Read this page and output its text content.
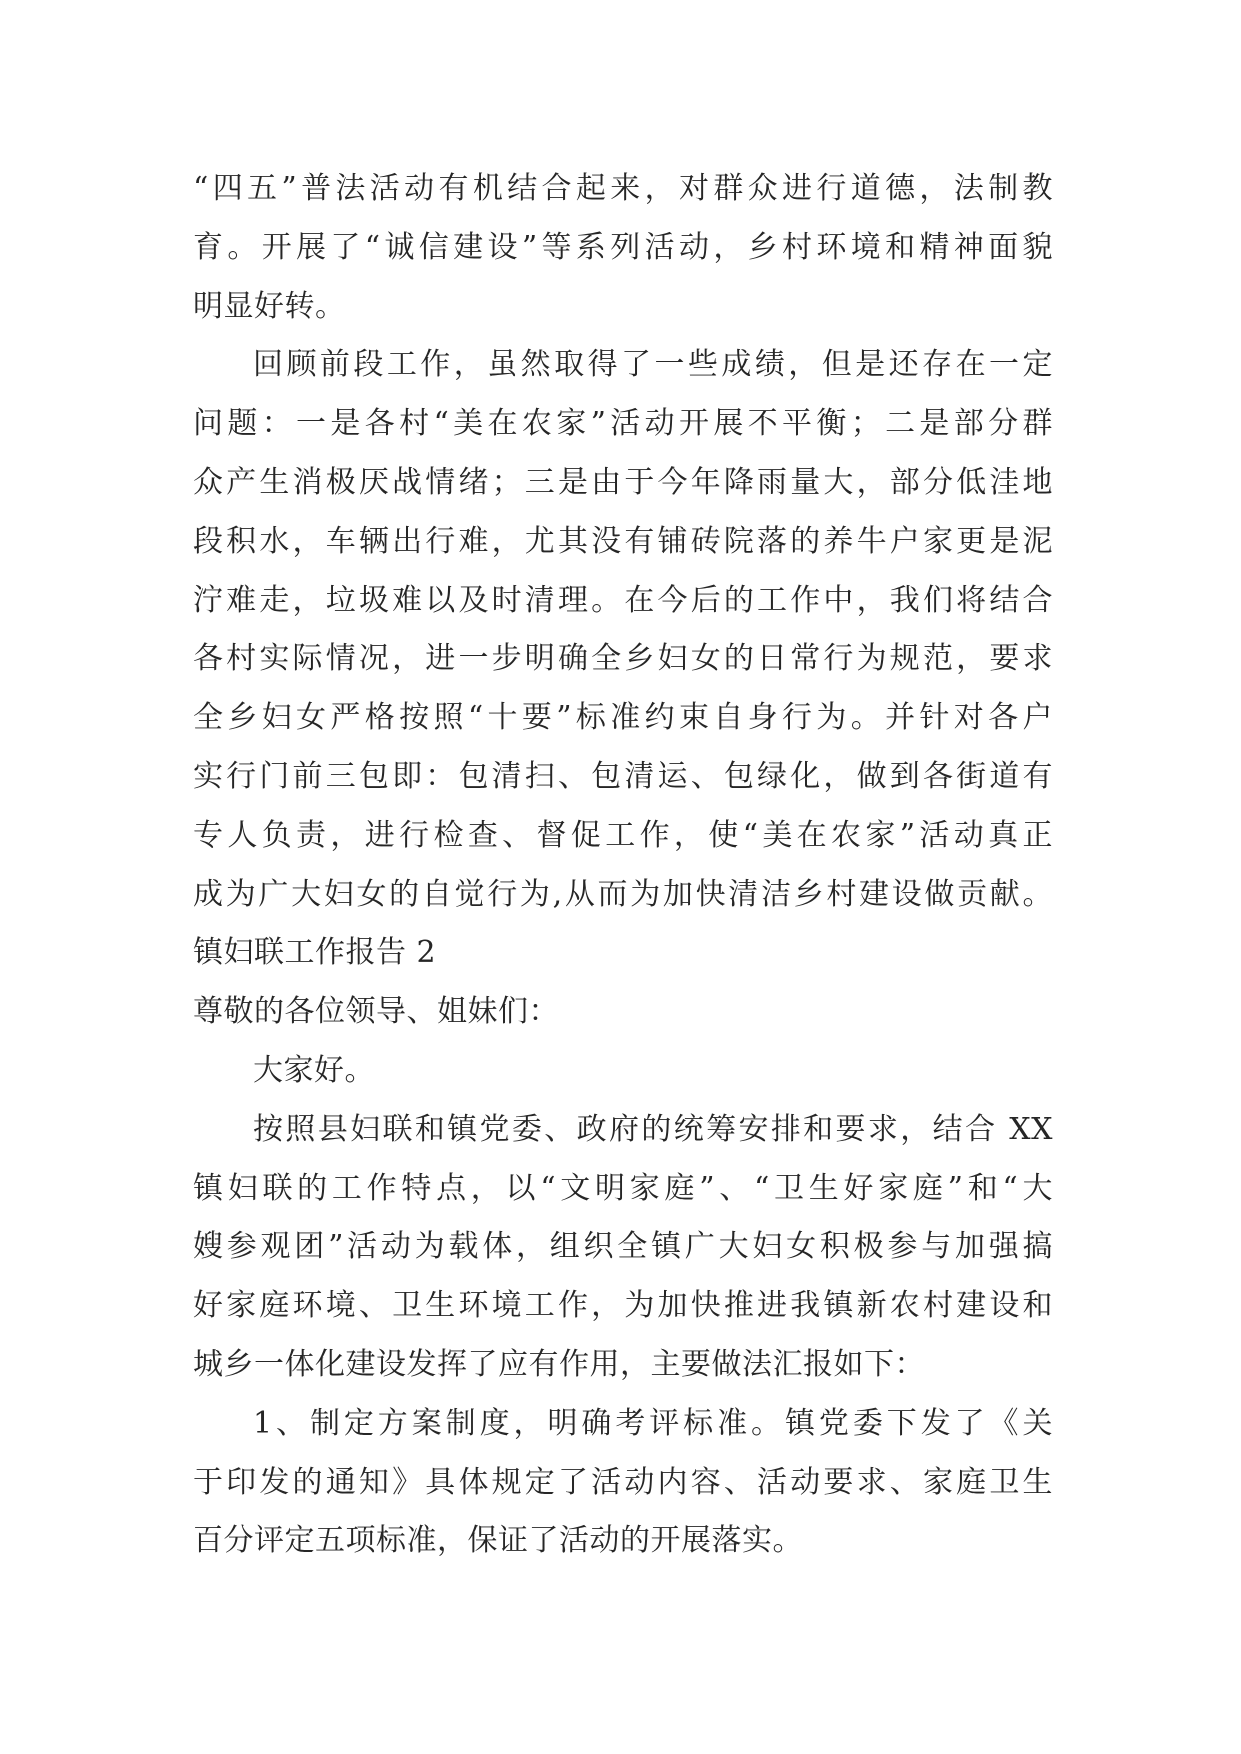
“四五”普法活动有机结合起来，对群众进行道德，法制教
育。开展了“诚信建设”等系列活动，乡村环境和精神面貌
明显好转。
回顾前段工作，虽然取得了一些成绩，但是还存在一定
问题：一是各村“美在农家”活动开展不平衡；二是部分群
众产生消极厌战情绪；三是由于今年降雨量大，部分低洼地
段积水，车辆出行难，尤其没有铺砖院落的养牛户家更是泥
泞难走，垃圾难以及时清理。在今后的工作中，我们将结合
各村实际情况，进一步明确全乡妇女的日常行为规范，要求
全乡妇女严格按照“十要”标准约束自身行为。并针对各户
实行门前三包即：包清扫、包清运、包绿化，做到各街道有
专人负责，进行检查、督促工作，使“美在农家”活动真正
成为广大妇女的自觉行为,从而为加快清洁乡村建设做贡献。
镇妇联工作报告 2
尊敬的各位领导、姐妹们：
大家好。
按照县妇联和镇党委、政府的统筹安排和要求，结合 XX
镇妇联的工作特点，以“文明家庭”、“卫生好家庭”和“大
嫂参观团”活动为载体，组织全镇广大妇女积极参与加强搞
好家庭环境、卫生环境工作，为加快推进我镇新农村建设和
城乡一体化建设发挥了应有作用，主要做法汇报如下：
1、制定方案制度，明确考评标准。镇党委下发了《关
于印发的通知》具体规定了活动内容、活动要求、家庭卫生
百分评定五项标准，保证了活动的开展落实。
